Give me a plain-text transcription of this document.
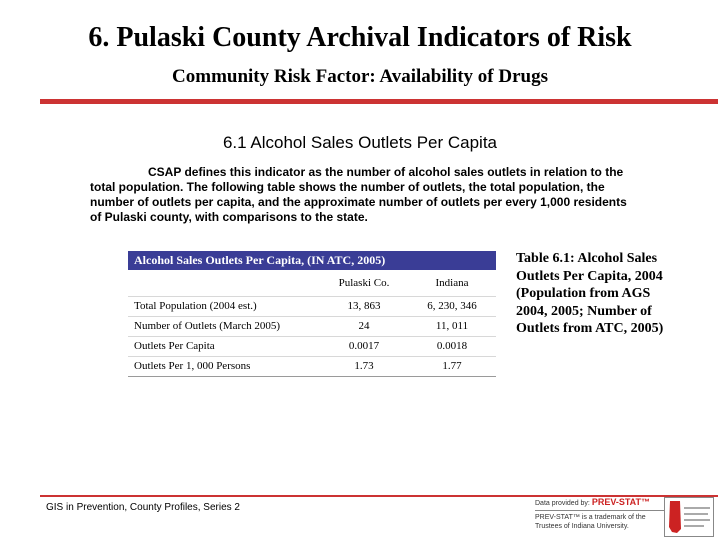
6. Pulaski County Archival Indicators of Risk
Community Risk Factor: Availability of Drugs
6.1 Alcohol Sales Outlets Per Capita
CSAP defines this indicator as the number of alcohol sales outlets in relation to the total population. The following table shows the number of outlets, the total population, the number of outlets per capita, and the approximate number of outlets per every 1,000 residents of Pulaski county, with comparisons to the state.
Alcohol Sales Outlets Per Capita, (IN ATC, 2005)		
	Pulaski Co.	Indiana
Total Population (2004 est.)	13, 863	6, 230, 346
Number of Outlets (March 2005)	24	11, 011
Outlets Per Capita	0.0017	0.0018
Outlets Per 1, 000 Persons	1.73	1.77
Table 6.1: Alcohol Sales Outlets Per Capita, 2004 (Population from AGS 2004, 2005; Number of Outlets from ATC, 2005)
GIS in Prevention, County Profiles, Series 2	Data provided by: PREV-STAT™
PREV-STAT™ is a trademark of the Trustees of Indiana University.
